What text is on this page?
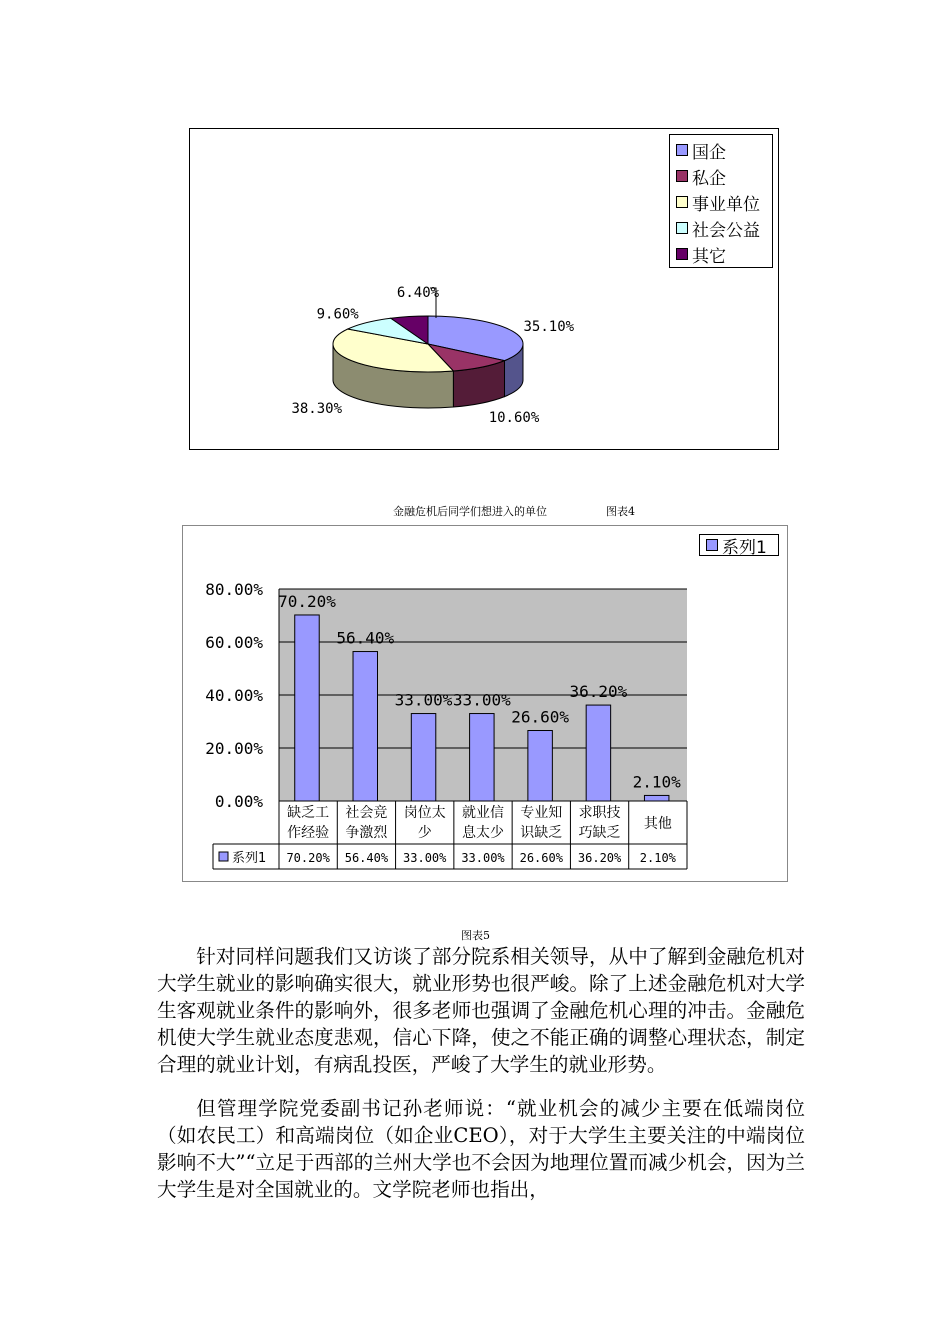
35.10%
10.60%
38.30%
9.60%
6.40%
国企
私企
事业单位
社会公益
其它
金融危机后同学们想进入的单位	图表4
0.00%
20.00%
40.00%
60.00%
80.00%
70.20%
56.40%
33.00% 33.00%
26.60%
36.20%
2.10%
缺乏工
作经验
70.20%
社会竞
争激烈
56.40%
岗位太
少
33.00%
就业信
息太少
33.00%
专业知
识缺乏
26.60%
求职技
巧缺乏
36.20%
其他
2.10%
系列1
系列1
图表5

针对同样问题我们又访谈了部分院系相关领导，从中了解到金融危机对大学生就业的影响确实很大，就业形势也很严峻。除了上述金融危机对大学生客观就业条件的影响外，很多老师也强调了金融危机心理的冲击。金融危机使大学生就业态度悲观，信心下降，使之不能正确的调整心理状态，制定合理的就业计划，有病乱投医，严峻了大学生的就业形势。

但管理学院党委副书记孙老师说：“就业机会的减少主要在低端岗位（如农民工）和高端岗位（如企业CEO），对于大学生主要关注的中端岗位影响不大”“立足于西部的兰州大学也不会因为地理位置而减少机会，因为兰大学生是对全国就业的。文学院老师也指出，
